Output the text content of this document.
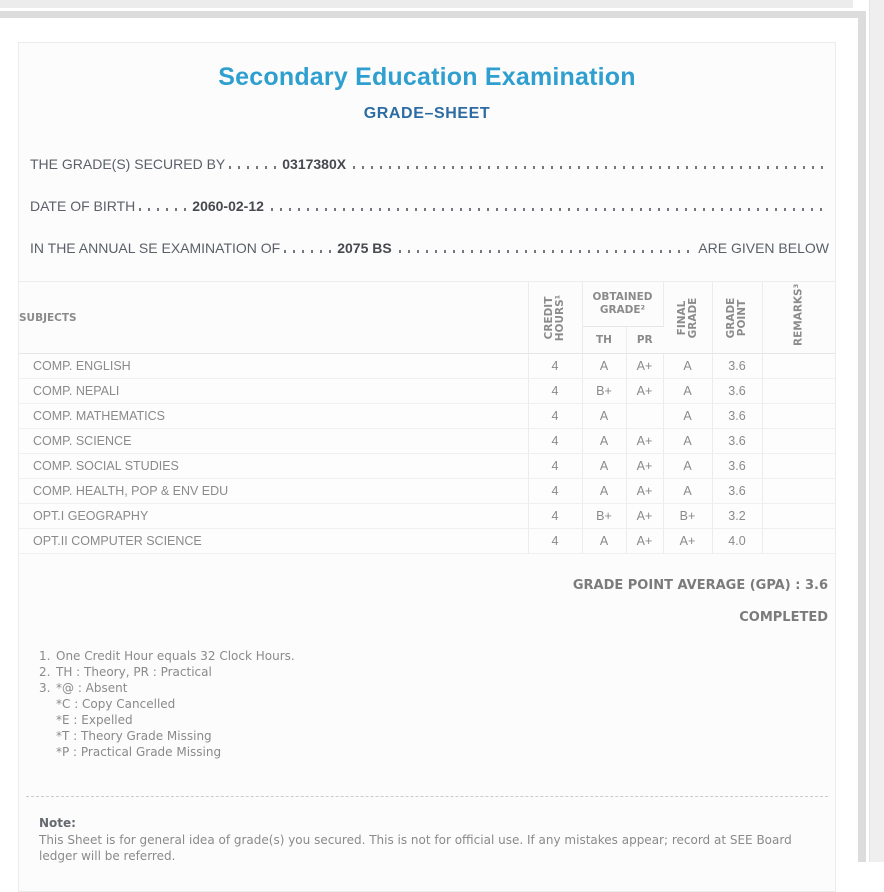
Secondary Education Examination
GRADE–SHEET
THE GRADE(S) SECURED BY	0317380X
DATE OF BIRTH	2060-02-12
IN THE ANNUAL SE EXAMINATION OF	2075 BS	ARE GIVEN BELOW
SUBJECTS	CREDIT HOURS¹	OBTAINED GRADE²		FINAL GRADE	GRADE POINT	REMARKS³

		TH	PR			
COMP. ENGLISH	4	A	A+	A	3.6	
COMP. NEPALI	4	B+	A+	A	3.6	
COMP. MATHEMATICS	4	A		A	3.6	
COMP. SCIENCE	4	A	A+	A	3.6	
COMP. SOCIAL STUDIES	4	A	A+	A	3.6	
COMP. HEALTH, POP & ENV EDU	4	A	A+	A	3.6	
OPT.I GEOGRAPHY	4	B+	A+	B+	3.2	
OPT.II COMPUTER SCIENCE	4	A	A+	A+	4.0	
GRADE POINT AVERAGE (GPA) : 3.6
COMPLETED
1. One Credit Hour equals 32 Clock Hours.
2. TH : Theory, PR : Practical
3. *@ : Absent
*C : Copy Cancelled
*E : Expelled
*T : Theory Grade Missing
*P : Practical Grade Missing
Note:
This Sheet is for general idea of grade(s) you secured. This is not for official use. If any mistakes appear; record at SEE Board ledger will be referred.
